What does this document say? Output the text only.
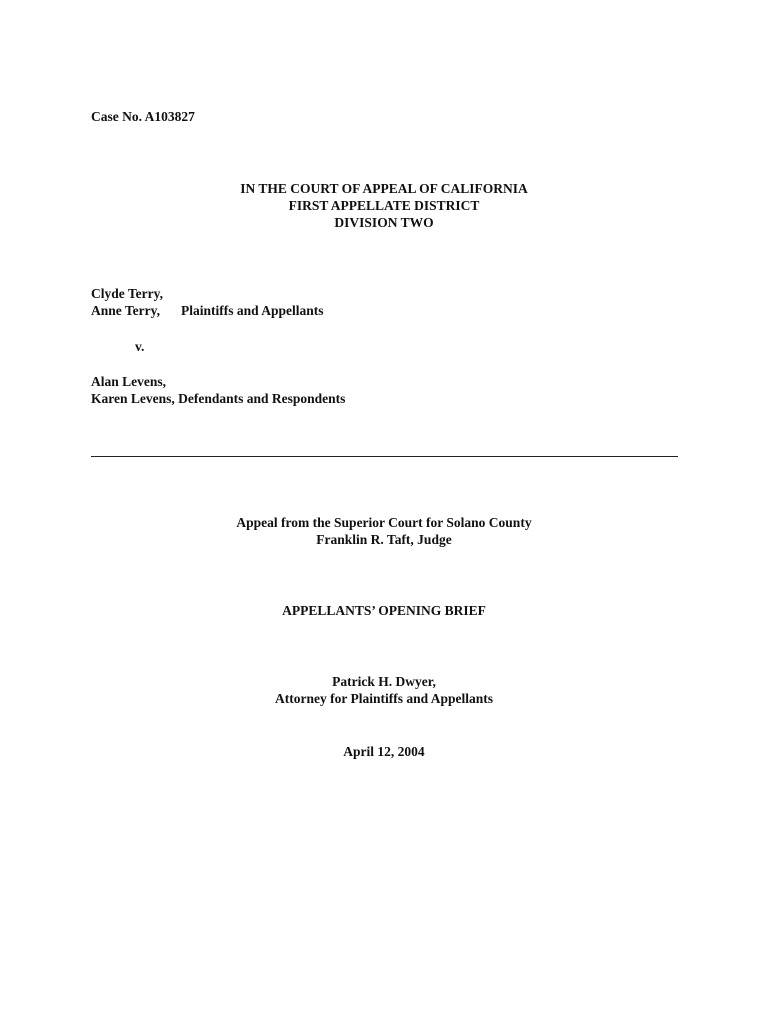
Case No. A103827
IN THE COURT OF APPEAL OF CALIFORNIA
FIRST APPELLATE DISTRICT
DIVISION TWO
Clyde Terry,
Anne Terry, Plaintiffs and Appellants
v.
Alan Levens,
Karen Levens, Defendants and Respondents
Appeal from the Superior Court for Solano County
Franklin R. Taft, Judge
APPELLANTS’ OPENING BRIEF
Patrick H. Dwyer,
Attorney for Plaintiffs and Appellants
April 12, 2004
